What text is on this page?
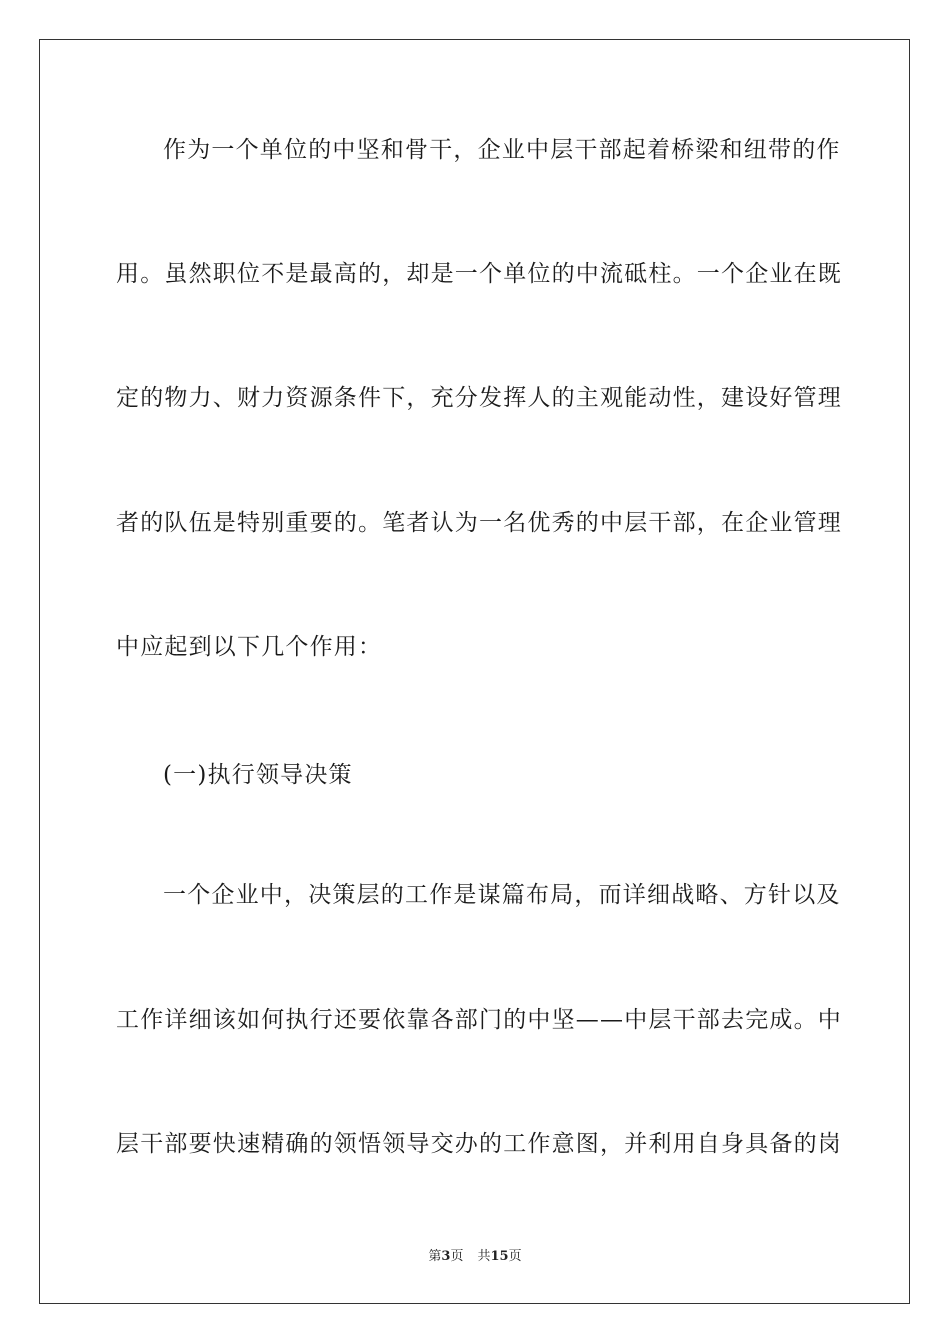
作为一个单位的中坚和骨干，企业中层干部起着桥梁和纽带的作
用。虽然职位不是最高的，却是一个单位的中流砥柱。一个企业在既
定的物力、财力资源条件下，充分发挥人的主观能动性，建设好管理
者的队伍是特别重要的。笔者认为一名优秀的中层干部，在企业管理
中应起到以下几个作用：
(一)执行领导决策
一个企业中，决策层的工作是谋篇布局，而详细战略、方针以及
工作详细该如何执行还要依靠各部门的中坚——中层干部去完成。中
层干部要快速精确的领悟领导交办的工作意图，并利用自身具备的岗
第3页 共15页
